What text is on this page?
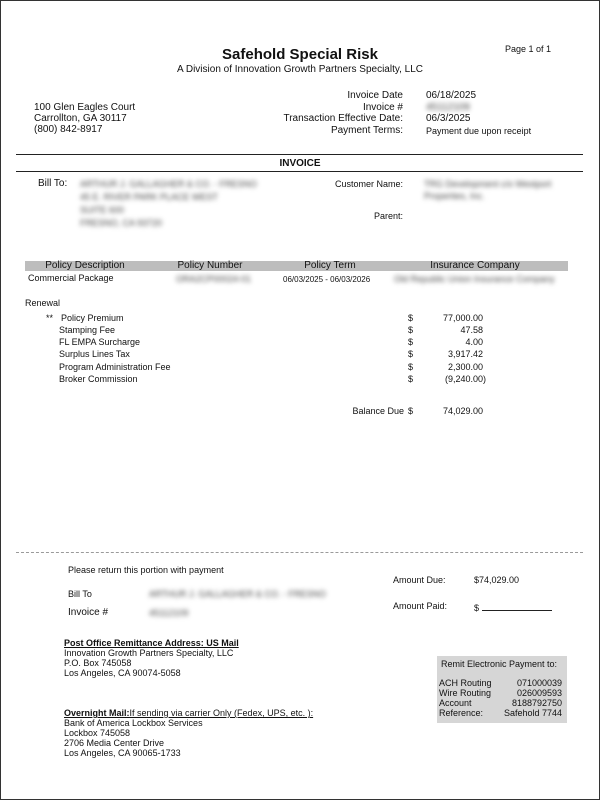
Page 1 of 1
Safehold Special Risk
A Division of Innovation Growth Partners Specialty, LLC
100 Glen Eagles Court
Carrollton, GA 30117
(800) 842-8917
Invoice Date 06/18/2025
Invoice # 45112109
Transaction Effective Date: 06/3/2025
Payment Terms:	Payment due upon receipt
INVOICE
Bill To: ARTHUR J. GALLAGHER & CO. - FRESNO
45 E. RIVER PARK PLACE WEST
SUITE 600
FRESNO, CA 93720
Customer Name: TRG Development c/o Westport
Properties, Inc.
Parent:
Policy Description	Policy Number	Policy Term	Insurance Company
Commercial Package	ORA2CP00024-01	06/03/2025 - 06/03/2026	Old Republic Union Insurance Company
Renewal
** Policy Premium	$	77,000.00
Stamping Fee	$	47.58
FL EMPA Surcharge	$	4.00
Surplus Lines Tax	$	3,917.42
Program Administration Fee	$	2,300.00
Broker Commission	$	(9,240.00)
Balance Due $	74,029.00
Please return this portion with payment
Bill To	ARTHUR J. GALLAGHER & CO. - FRESNO
Invoice #	45112109
Amount Due:	$74,029.00
Amount Paid:	$
Post Office Remittance Address: US Mail
Innovation Growth Partners Specialty, LLC
P.O. Box 745058
Los Angeles, CA 90074-5058
Overnight Mail:If sending via carrier Only (Fedex, UPS, etc. ):
Bank of America Lockbox Services
Lockbox 745058
2706 Media Center Drive
Los Angeles, CA 90065-1733
Remit Electronic Payment to:
ACH Routing	071000039
Wire Routing	026009593
Account	8188792750
Reference: Safehold 7744
